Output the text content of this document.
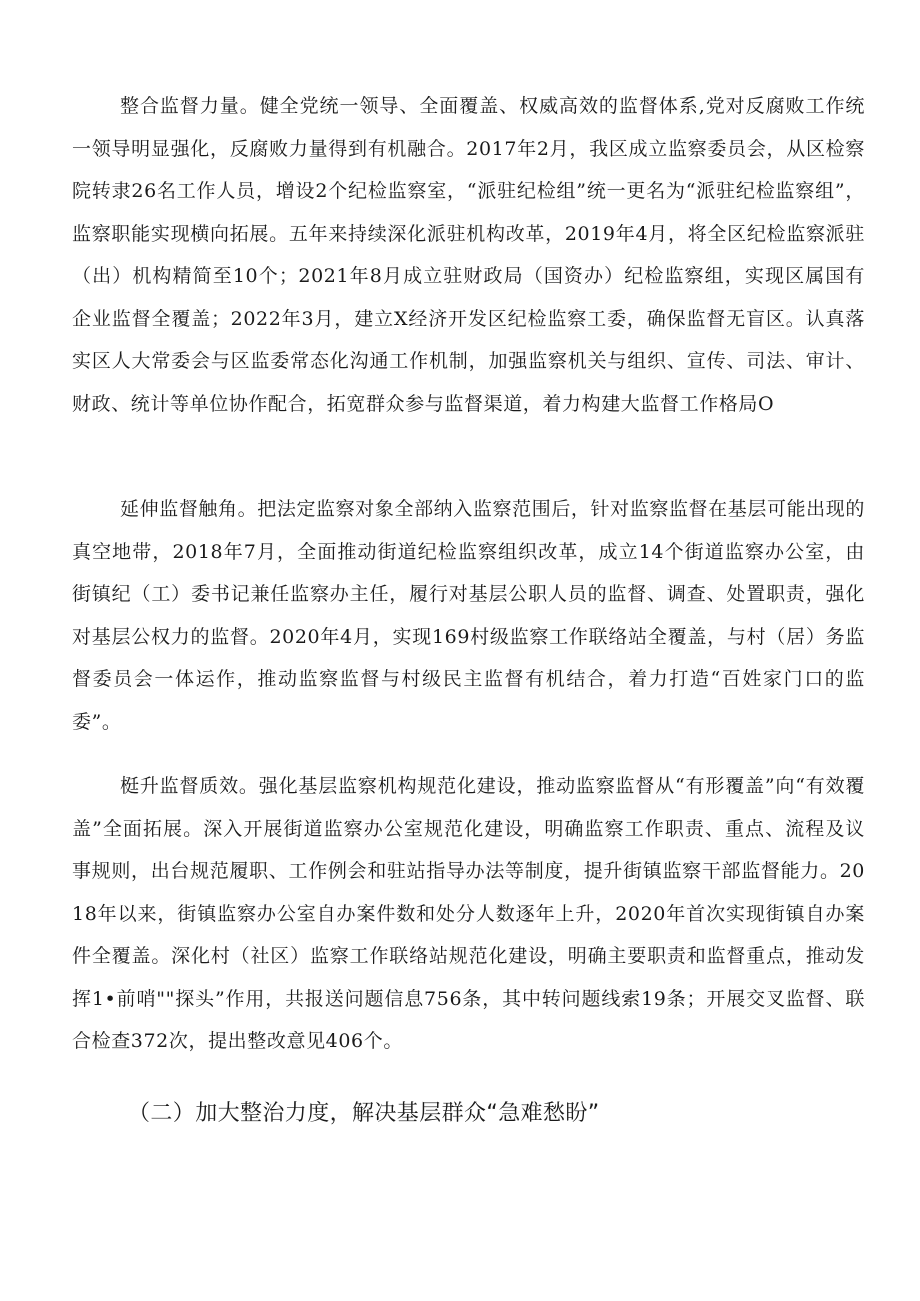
整合监督力量。健全党统一领导、全面覆盖、权威高效的监督体系,党对反腐败工作统一领导明显强化，反腐败力量得到有机融合。2017年2月，我区成立监察委员会，从区检察院转隶26名工作人员，增设2个纪检监察室，“派驻纪检组”统一更名为“派驻纪检监察组”，监察职能实现横向拓展。五年来持续深化派驻机构改革，2019年4月，将全区纪检监察派驻（出）机构精简至10个；2021年8月成立驻财政局（国资办）纪检监察组，实现区属国有企业监督全覆盖；2022年3月，建立X经济开发区纪检监察工委，确保监督无盲区。认真落实区人大常委会与区监委常态化沟通工作机制，加强监察机关与组织、宣传、司法、审计、财政、统计等单位协作配合，拓宽群众参与监督渠道，着力构建大监督工作格局O

延伸监督触角。把法定监察对象全部纳入监察范围后，针对监察监督在基层可能出现的真空地带，2018年7月，全面推动街道纪检监察组织改革，成立14个街道监察办公室，由街镇纪（工）委书记兼任监察办主任，履行对基层公职人员的监督、调查、处置职责，强化对基层公权力的监督。2020年4月，实现169村级监察工作联络站全覆盖，与村（居）务监督委员会一体运作，推动监察监督与村级民主监督有机结合，着力打造“百姓家门口的监委”。

梃升监督质效。强化基层监察机构规范化建设，推动监察监督从“有形覆盖”向“有效覆盖”全面拓展。深入开展街道监察办公室规范化建设，明确监察工作职责、重点、流程及议事规则，出台规范履职、工作例会和驻站指导办法等制度，提升街镇监察干部监督能力。2018年以来，街镇监察办公室自办案件数和处分人数逐年上升，2020年首次实现街镇自办案件全覆盖。深化村（社区）监察工作联络站规范化建设，明确主要职责和监督重点，推动发挥1•前哨""探头”作用，共报送问题信息756条，其中转问题线索19条；开展交叉监督、联合检查372次，提出整改意见406个。

（二）加大整治力度，解决基层群众“急难愁盼”
